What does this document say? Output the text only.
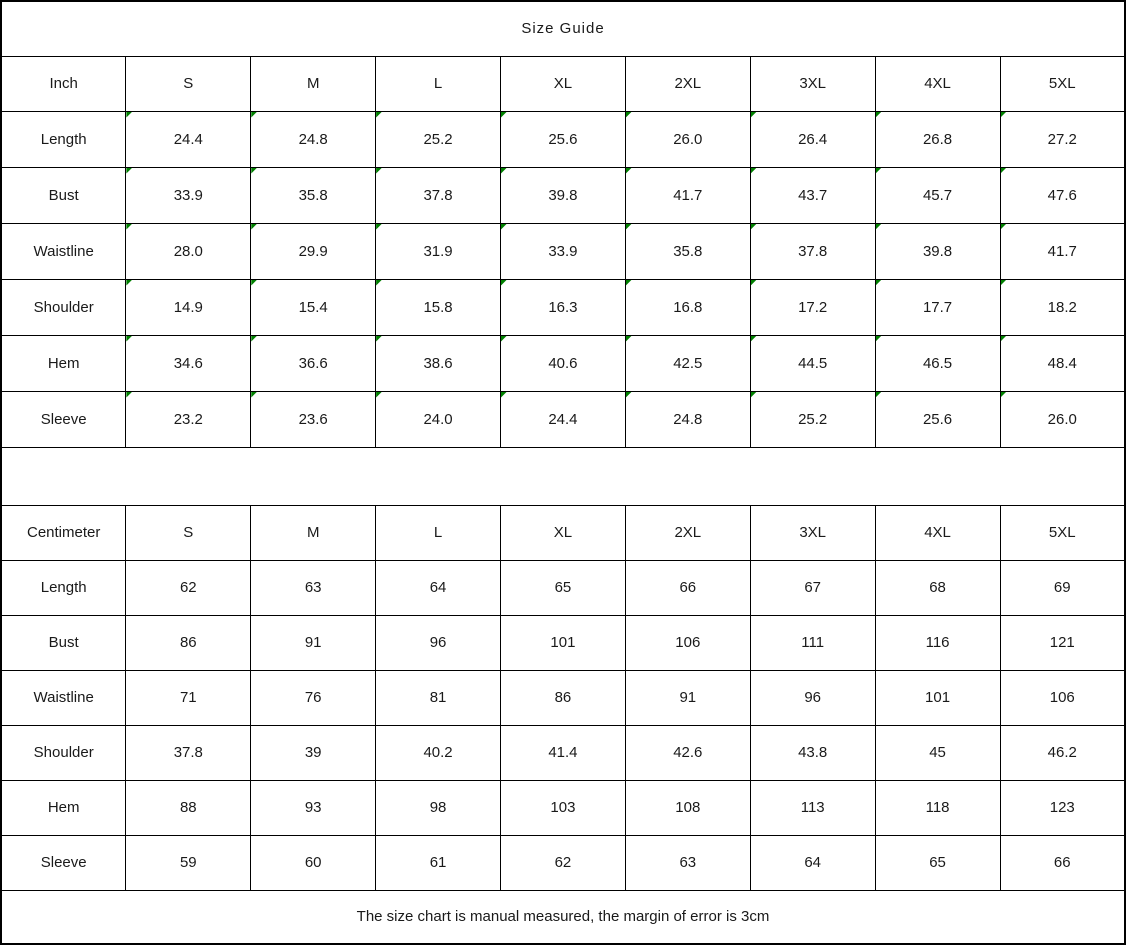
Size Guide								
Inch	S	M	L	XL	2XL	3XL	4XL	5XL
Length	24.4	24.8	25.2	25.6	26.0	26.4	26.8	27.2
Bust	33.9	35.8	37.8	39.8	41.7	43.7	45.7	47.6
Waistline	28.0	29.9	31.9	33.9	35.8	37.8	39.8	41.7
Shoulder	14.9	15.4	15.8	16.3	16.8	17.2	17.7	18.2
Hem	34.6	36.6	38.6	40.6	42.5	44.5	46.5	48.4
Sleeve	23.2	23.6	24.0	24.4	24.8	25.2	25.6	26.0

Centimeter	S	M	L	XL	2XL	3XL	4XL	5XL
Length	62	63	64	65	66	67	68	69
Bust	86	91	96	101	106	111	116	121
Waistline	71	76	81	86	91	96	101	106
Shoulder	37.8	39	40.2	41.4	42.6	43.8	45	46.2
Hem	88	93	98	103	108	113	118	123
Sleeve	59	60	61	62	63	64	65	66
The size chart is manual measured, the margin of error is 3cm								
